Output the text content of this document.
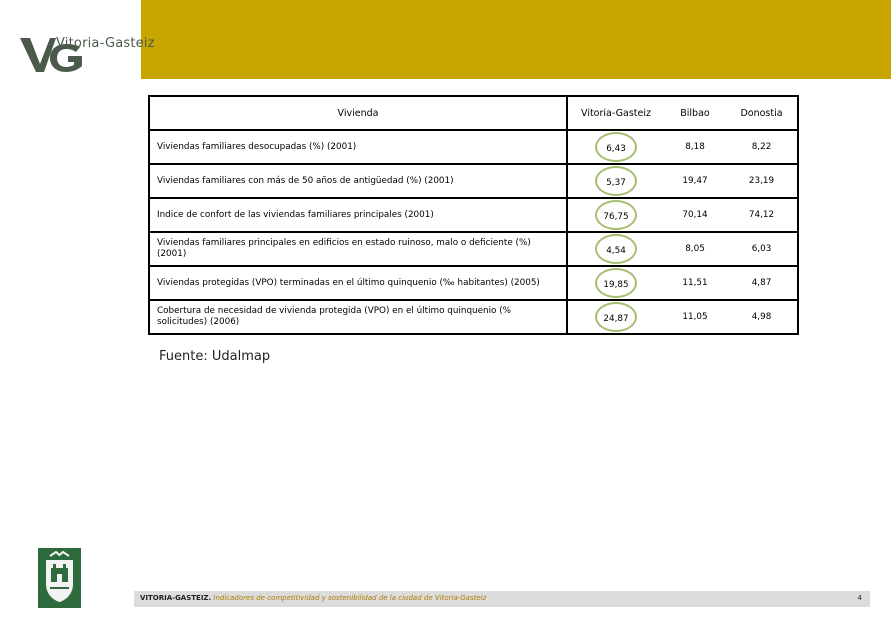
Vitoria-Gasteiz
Vivienda	Vitoria-Gasteiz	Bilbao	Donostia
Viviendas familiares desocupadas (%) (2001)	6,43	8,18	8,22
Viviendas familiares con más de 50 años de antigüedad (%) (2001)	5,37	19,47	23,19
Indice de confort de las viviendas familiares principales (2001)	76,75	70,14	74,12
Viviendas familiares principales en edificios en estado ruinoso, malo o deficiente (%) (2001)	4,54	8,05	6,03
Viviendas protegidas (VPO) terminadas en el último quinquenio (‰ habitantes) (2005)	19,85	11,51	4,87
Cobertura de necesidad de vivienda protegida (VPO) en el último quinquenio (% solicitudes) (2006)	24,87	11,05	4,98
Fuente: Udalmap
VITORIA-GASTEIZ. Indicadores de competitividad y sostenibilidad de la ciudad de Vitoria-Gasteiz	4
